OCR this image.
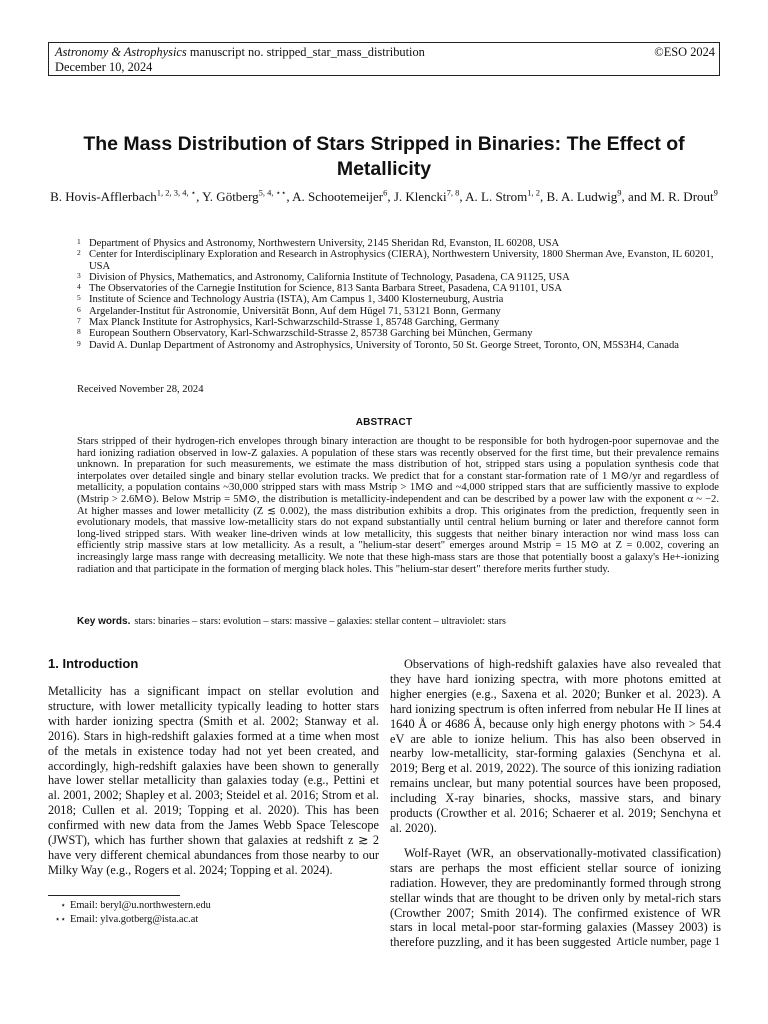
Astronomy & Astrophysics manuscript no. stripped_star_mass_distribution
December 10, 2024
©ESO 2024
The Mass Distribution of Stars Stripped in Binaries: The Effect of Metallicity
B. Hovis-Afflerbach$^{1, 2, 3, 4, ⋆}$, Y. Götberg$^{5, 4, ⋆⋆}$, A. Schootemeijer$^6$, J. Klencki$^{7, 8}$, A. L. Strom$^{1, 2}$, B. A. Ludwig$^9$, and M. R. Drout$^9$
1 Department of Physics and Astronomy, Northwestern University, 2145 Sheridan Rd, Evanston, IL 60208, USA
2 Center for Interdisciplinary Exploration and Research in Astrophysics (CIERA), Northwestern University, 1800 Sherman Ave, Evanston, IL 60201, USA
3 Division of Physics, Mathematics, and Astronomy, California Institute of Technology, Pasadena, CA 91125, USA
4 The Observatories of the Carnegie Institution for Science, 813 Santa Barbara Street, Pasadena, CA 91101, USA
5 Institute of Science and Technology Austria (ISTA), Am Campus 1, 3400 Klosterneuburg, Austria
6 Argelander-Institut für Astronomie, Universität Bonn, Auf dem Hügel 71, 53121 Bonn, Germany
7 Max Planck Institute for Astrophysics, Karl-Schwarzschild-Strasse 1, 85748 Garching, Germany
8 European Southern Observatory, Karl-Schwarzschild-Strasse 2, 85738 Garching bei München, Germany
9 David A. Dunlap Department of Astronomy and Astrophysics, University of Toronto, 50 St. George Street, Toronto, ON, M5S3H4, Canada
Received November 28, 2024
ABSTRACT

Stars stripped of their hydrogen-rich envelopes through binary interaction are thought to be responsible for both hydrogen-poor supernovae and the hard ionizing radiation observed in low-Z galaxies. A population of these stars was recently observed for the first time, but their prevalence remains unknown. In preparation for such measurements, we estimate the mass distribution of hot, stripped stars using a population synthesis code that interpolates over detailed single and binary stellar evolution tracks. We predict that for a constant star-formation rate of 1 M⊙/yr and regardless of metallicity, a population contains ~30,000 stripped stars with mass Mstrip > 1M⊙ and ~4,000 stripped stars that are sufficiently massive to explode (Mstrip > 2.6M⊙). Below Mstrip = 5M⊙, the distribution is metallicity-independent and can be described by a power law with the exponent α ~ −2. At higher masses and lower metallicity (Z ≲ 0.002), the mass distribution exhibits a drop. This originates from the prediction, frequently seen in evolutionary models, that massive low-metallicity stars do not expand substantially until central helium burning or later and therefore cannot form long-lived stripped stars. With weaker line-driven winds at low metallicity, this suggests that neither binary interaction nor wind mass loss can efficiently strip massive stars at low metallicity. As a result, a "helium-star desert" emerges around Mstrip = 15 M⊙ at Z = 0.002, covering an increasingly large mass range with decreasing metallicity. We note that these high-mass stars are those that potentially boost a galaxy's He+-ionizing radiation and that participate in the formation of merging black holes. This "helium-star desert" therefore merits further study.

Key words. stars: binaries – stars: evolution – stars: massive – galaxies: stellar content – ultraviolet: stars
1. Introduction

Metallicity has a significant impact on stellar evolution and structure, with lower metallicity typically leading to hotter stars with harder ionizing spectra (Smith et al. 2002; Stanway et al. 2016). Stars in high-redshift galaxies formed at a time when most of the metals in existence today had not yet been created, and accordingly, high-redshift galaxies have been shown to generally have lower stellar metallicity than galaxies today (e.g., Pettini et al. 2001, 2002; Shapley et al. 2003; Steidel et al. 2016; Strom et al. 2018; Cullen et al. 2019; Topping et al. 2020). This has been confirmed with new data from the James Webb Space Telescope (JWST), which has further shown that galaxies at redshift z ≳ 2 have very different chemical abundances from those nearby to our Milky Way (e.g., Rogers et al. 2024; Topping et al. 2024).

Observations of high-redshift galaxies have also revealed that they have hard ionizing spectra, with more photons emitted at higher energies (e.g., Saxena et al. 2020; Bunker et al. 2023). A hard ionizing spectrum is often inferred from nebular He II lines at 1640 Å or 4686 Å, because only high energy photons with > 54.4 eV are able to ionize helium. This has also been observed in nearby low-metallicity, star-forming galaxies (Senchyna et al. 2019; Berg et al. 2019, 2022). The source of this ionizing radiation remains unclear, but many potential sources have been proposed, including X-ray binaries, shocks, massive stars, and binary products (Crowther et al. 2016; Schaerer et al. 2019; Senchyna et al. 2020).

Wolf-Rayet (WR, an observationally-motivated classification) stars are perhaps the most efficient stellar source of ionizing radiation. However, they are predominantly formed through strong stellar winds that are thought to be driven only by metal-rich stars (Crowther 2007; Smith 2014). The confirmed existence of WR stars in local metal-poor star-forming galaxies (Massey 2003) is therefore puzzling, and it has been suggested

⋆ Email: beryl@u.northwestern.edu
⋆⋆ Email: ylva.gotberg@ista.ac.at
Article number, page 1
